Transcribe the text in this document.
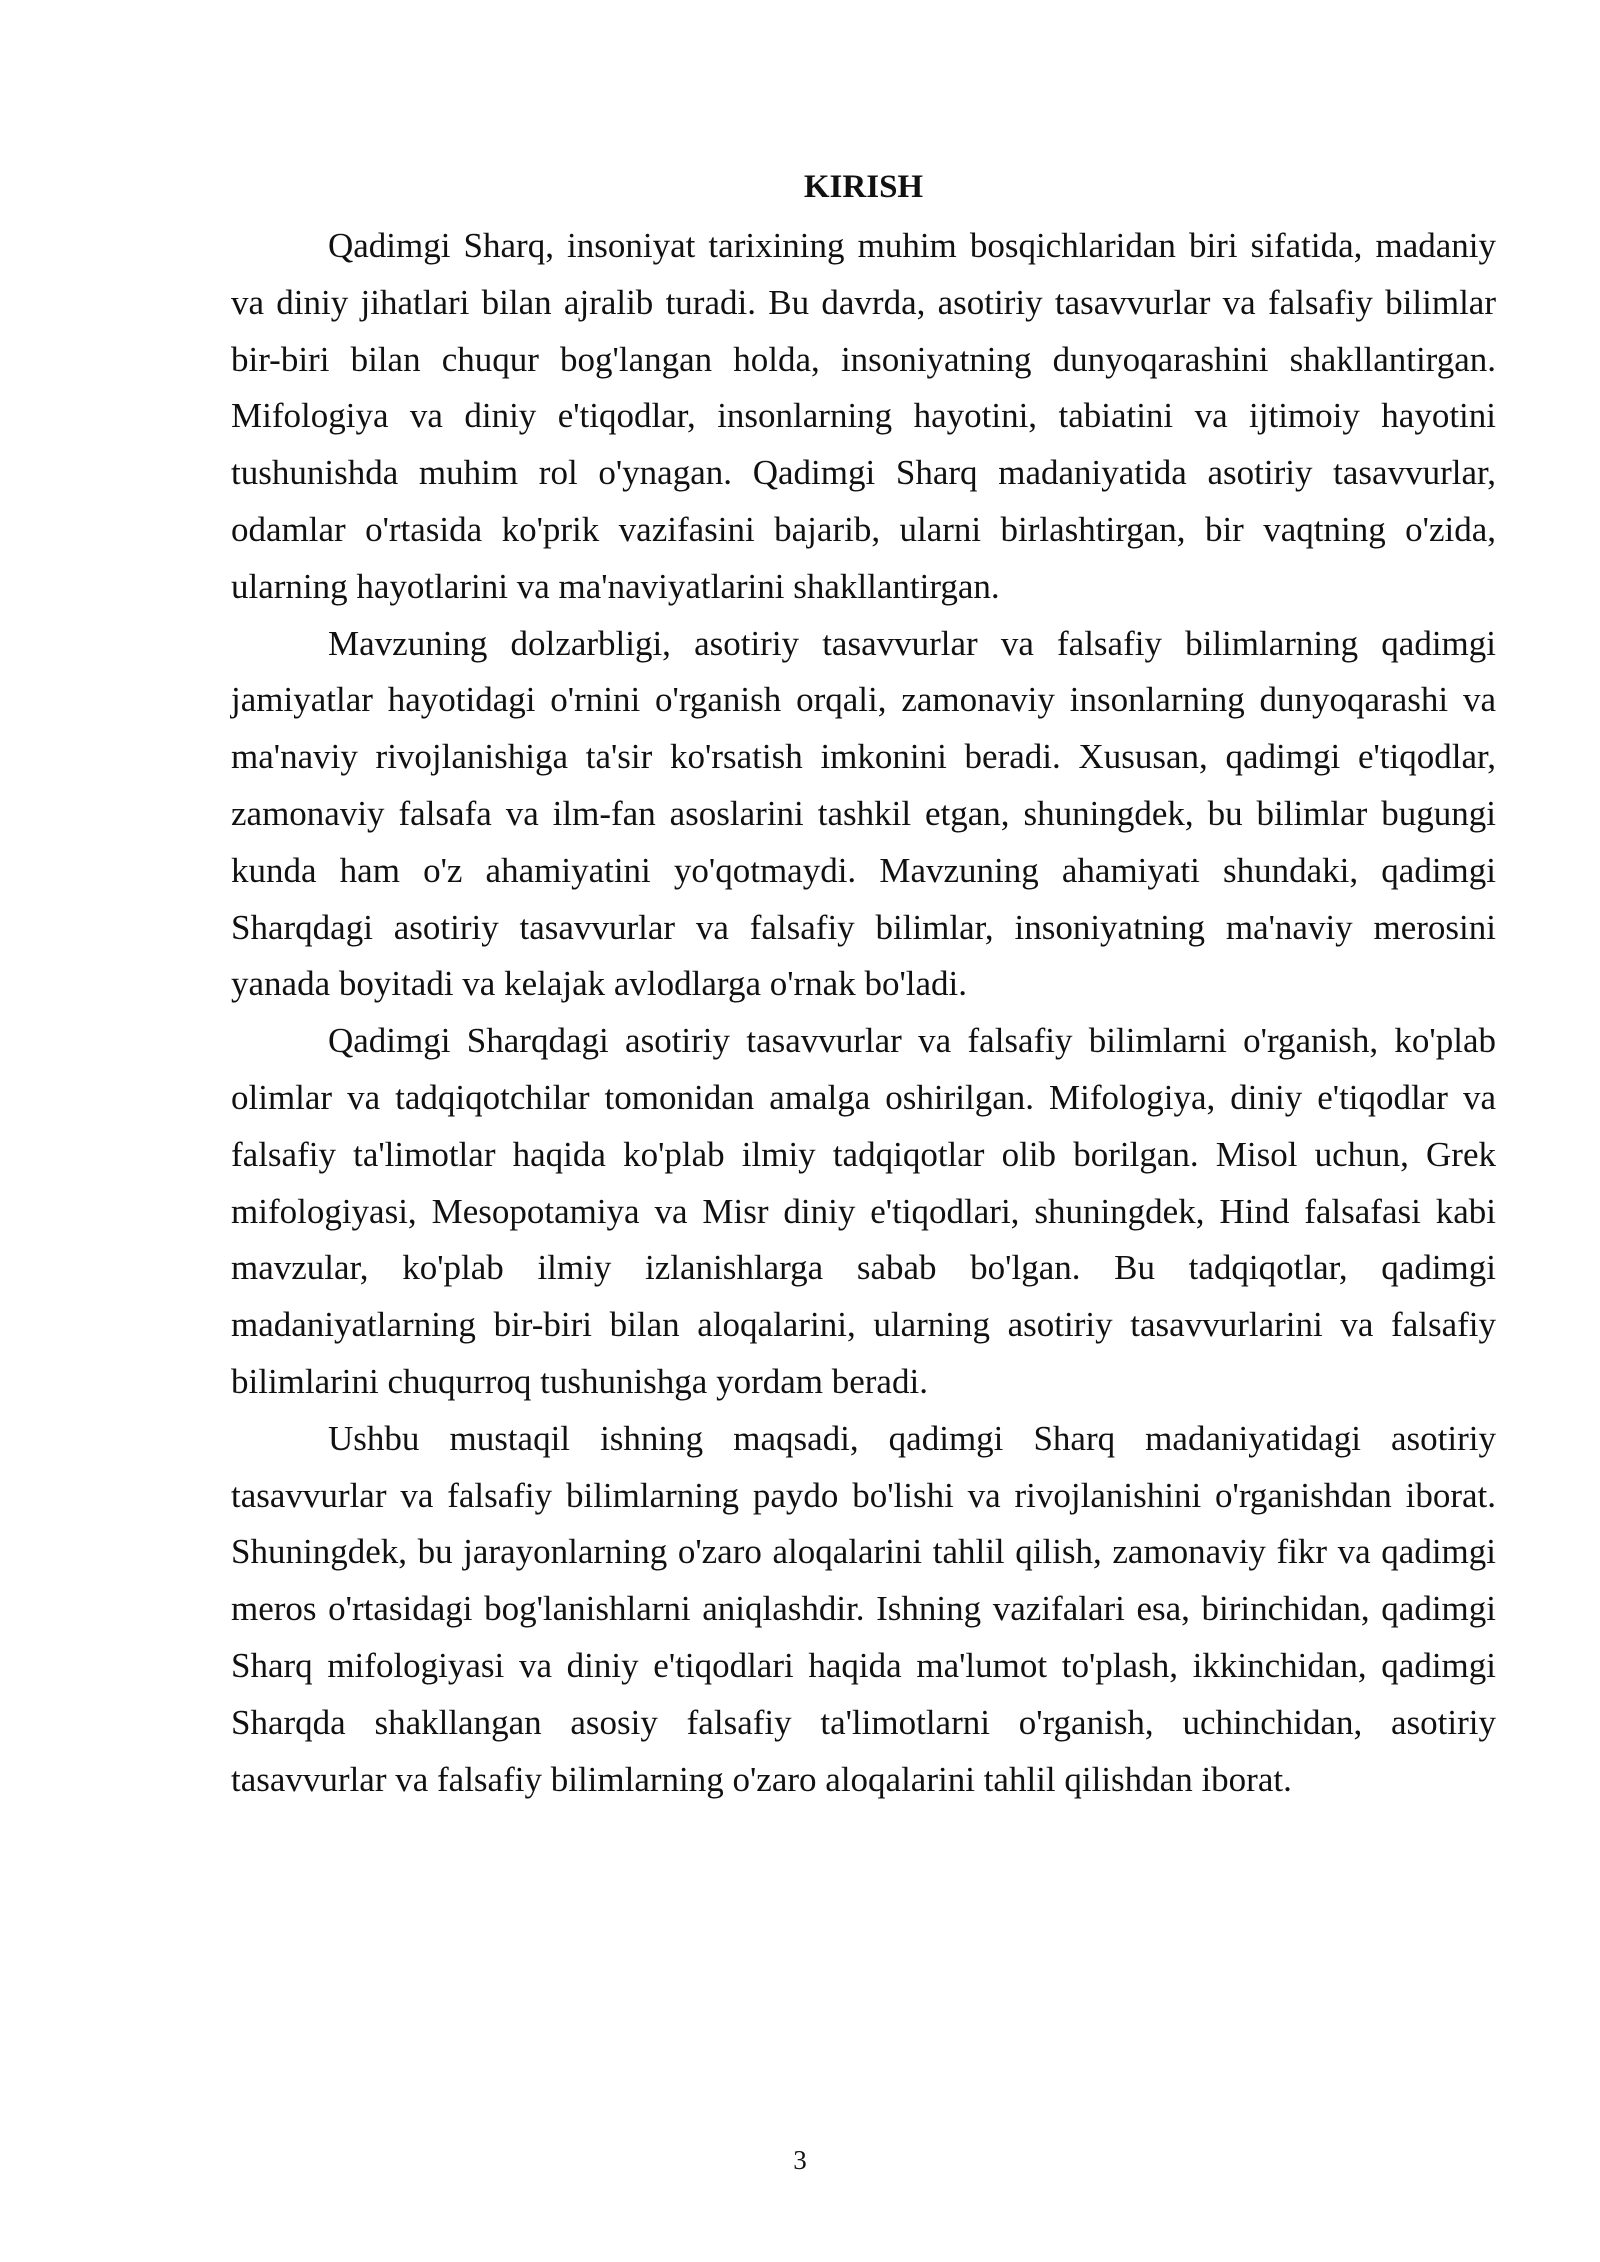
KIRISH

Qadimgi Sharq, insoniyat tarixining muhim bosqichlaridan biri sifatida, madaniy va diniy jihatlari bilan ajralib turadi. Bu davrda, asotiriy tasavvurlar va falsafiy bilimlar bir-biri bilan chuqur bog'langan holda, insoniyatning dunyoqarashini shakllantirgan. Mifologiya va diniy e'tiqodlar, insonlarning hayotini, tabiatini va ijtimoiy hayotini tushunishda muhim rol o'ynagan. Qadimgi Sharq madaniyatida asotiriy tasavvurlar, odamlar o'rtasida ko'prik vazifasini bajarib, ularni birlashtirgan, bir vaqtning o'zida, ularning hayotlarini va ma'naviyatlarini shakllantirgan.

Mavzuning dolzarbligi, asotiriy tasavvurlar va falsafiy bilimlarning qadimgi jamiyatlar hayotidagi o'rnini o'rganish orqali, zamonaviy insonlarning dunyoqarashi va ma'naviy rivojlanishiga ta'sir ko'rsatish imkonini beradi. Xususan, qadimgi e'tiqodlar, zamonaviy falsafa va ilm-fan asoslarini tashkil etgan, shuningdek, bu bilimlar bugungi kunda ham o'z ahamiyatini yo'qotmaydi. Mavzuning ahamiyati shundaki, qadimgi Sharqdagi asotiriy tasavvurlar va falsafiy bilimlar, insoniyatning ma'naviy merosini yanada boyitadi va kelajak avlodlarga o'rnak bo'ladi.

Qadimgi Sharqdagi asotiriy tasavvurlar va falsafiy bilimlarni o'rganish, ko'plab olimlar va tadqiqotchilar tomonidan amalga oshirilgan. Mifologiya, diniy e'tiqodlar va falsafiy ta'limotlar haqida ko'plab ilmiy tadqiqotlar olib borilgan. Misol uchun, Grek mifologiyasi, Mesopotamiya va Misr diniy e'tiqodlari, shuningdek, Hind falsafasi kabi mavzular, ko'plab ilmiy izlanishlarga sabab bo'lgan. Bu tadqiqotlar, qadimgi madaniyatlarning bir-biri bilan aloqalarini, ularning asotiriy tasavvurlarini va falsafiy bilimlarini chuqurroq tushunishga yordam beradi.

Ushbu mustaqil ishning maqsadi, qadimgi Sharq madaniyatidagi asotiriy tasavvurlar va falsafiy bilimlarning paydo bo'lishi va rivojlanishini o'rganishdan iborat. Shuningdek, bu jarayonlarning o'zaro aloqalarini tahlil qilish, zamonaviy fikr va qadimgi meros o'rtasidagi bog'lanishlarni aniqlashdir. Ishning vazifalari esa, birinchidan, qadimgi Sharq mifologiyasi va diniy e'tiqodlari haqida ma'lumot to'plash, ikkinchidan, qadimgi Sharqda shakllangan asosiy falsafiy ta'limotlarni o'rganish, uchinchidan, asotiriy tasavvurlar va falsafiy bilimlarning o'zaro aloqalarini tahlil qilishdan iborat.

3
